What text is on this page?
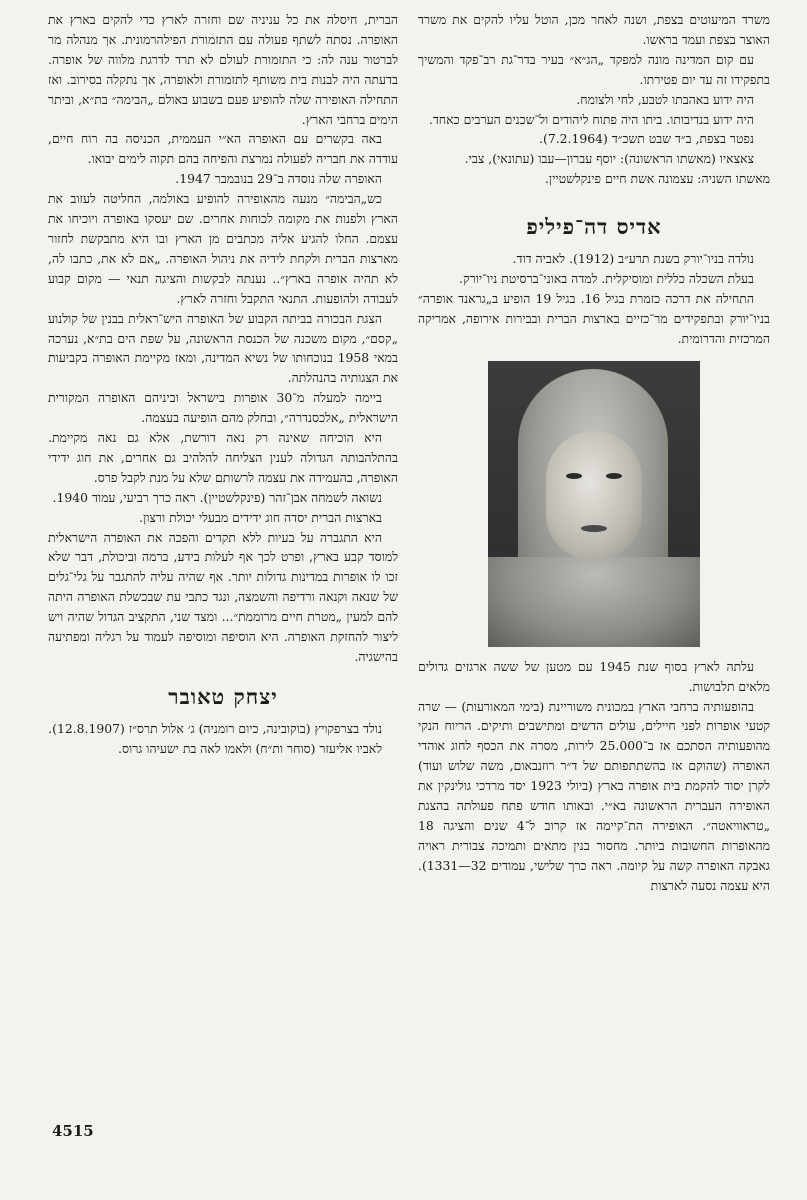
משרד המיעוטים בצפת, ושנה לאחר מכן, הוטל עליו להקים את משרד האוצר בצפת ועמד בראשו.

עם קום המדינה מונה למפקד „הג״א״ בעיר בדר־גת רב־פקד והמשיך בתפקידו זה עד יום פטירתו.

היה ידוע באהבתו לטבע, לחי ולצומח.

היה ידוע בנדיבותו. ביתו היה פתוח ליהודים ול־שכנים הערבים כאחד.

נפטר בצפת, ב״ד שבט תשכ״ד (7.2.1964).

צאצאיו (מאשתו הראשונה): יוסף עברון—עבו (עתונאי), צבי.

מאשתו השניה: עצמונה אשת חיים פינקלשטיין.

אדיס דה־פיליפ

נולדה בניו־יורק בשנת תרע״ב (1912). לאביה דוד.

בעלת השכלה כללית ומוסיקלית. למדה באוני־ברסיטת ניו־יורק.

התחילה את דרכה כזמרת בגיל 16. בגיל 19 הופיע ב„גראנד אופרה״ בניו־יורק ובתפקידים מר־כזיים בארצות הברית ובבירות אירופה, אמריקה המרכזית והדרומית.

עלתה לארץ בסוף שנת 1945 עם מטען של ששה ארגזים גדולים מלאים תלבושות.

בהופעותיה ברחבי הארץ במכונית משוריינת (בימי המאורעות) — שרה קטעי אופרות לפני חיילים, עולים הדשים ומתישבים ותיקים. הריוח הנקי מהופעותיה הסתכם אז ב־25.000 לירות, מסרה את הכסף לחוג אוהדי האופרה (שהוקם אז בהשתתפותם של ד״ר רוזנבאום, משה שלוש ועוד) לקרן יסוד להקמת בית אופרה בארץ (ביולי 1923 יסד מרדכי גולינקין את האופירה העברית הראשונה בא״י. ובאותו חודש פתח פעולתה בהצגת „טראוויאטה״. האופירה הת־קיימה אז קרוב ל־4 שנים והציגה 18 מהאופרות החשובות ביותר. מחסור בנין מתאים ותמיכה צבורית ראויה גאבקה האופרה קשה על קיומה. ראה כרך שלישי, עמודים 32—1331). היא עצמה נסעה לארצות

הברית, חיסלה את כל עניניה שם וחזרה לארץ כדי להקים בארץ את האופרה. נסתה לשתף פעולה עם התזמורת הפילהרמונית. אך מנהלה מר לברטור ענה לה: כי התזמורת לעולם לא תרד לדרגת מלווה של אופרה. בדעתה היה לבנות בית משותף לתזמורת ולאופרה, אך נתקלה בסירוב. ואז התחילה האופירה שלה להופיע פעם בשבוע באולם „הבימה״ בת״א, וביתר הימים ברחבי הארץ.

באה בקשרים עם האופרה הא״י העממית, הכניסה בה רוח חיים, עודדה את חבריה לפעולה נמרצת והפיחה בהם תקוה לימים יבואו.

האופרה שלה נוסדה ב־29 בנובמבר 1947.

כש„הבימה״ מנעה מהאופירה להופיע באולמה, החליטה לעזוב את הארץ ולפנות את מקומה לכוחות אחרים. שם יעסקו באופרה ויוכיחו את עצמם. החלו להגיע אליה מכתבים מן הארץ ובו היא מתבקשת לחזור מארצות הברית ולקחת לידיה את ניהול האופרה. „אם לא את, כתבו לה, לא תהיה אופרה בארץ״.. נענתה לבקשות והציגה תנאי — מקום קבוע לעבודה ולהופעות. התנאי התקבל וחזרה לארץ.

הצגת הבכורה בביתה הקבוע של האופרה היש־ראלית בבנין של קולנוע „קסם״, מקום משכנה של הכנסת הראשונה, על שפת הים בת״א, נערכה במאי 1958 בנוכחותו של נשיא המדינה, ומאז מקיימת האופרה בקביעות את הצגותיה בהנהלתה.

ביימה למעלה מ־30 אופרות בישראל וביניהם האופרה המקורית הישראלית „אלכסנדרה״, ובחלק מהם הופיעה בעצמה.

היא הוכיחה שאינה רק נאה דורשת, אלא גם נאה מקיימת. בהתלהבותה הגדולה לענין הצליחה להלהיב גם אחרים, את חוג ידידי האופרה, בהעמידה את עצמה לרשותם שלא על מנת לקבל פרס.

נשואה לשמחה אבן־זהר (פינקלשטיין). ראה כרך רביעי, עמוד 1940.

בארצות הברית יסדה חוג ידידים מבעלי יכולת ורצון.

היא התגברה על בעיות ללא תקדים והפכה את האופרה הישראלית למוסד קבע בארץ, ופרט לכך אף לעלות בידע, ברמה וביכולת, דבר שלא זכו לו אופרות במדינות גדולות יותר. אף שהיה עליה להתגבר על גלי־גלים של שנאה וקנאה ורדיפה והשמצה, ונגד כתבי עת שבכשלת האופרה היתה להם למעין „מטרת חיים מרוממת״... ומצד שני, התקציב הגדול שהיה ויש ליצור להחזקת האופרה. היא הוסיפה ומוסיפה לעמוד על רגליה ומפתיעה בהישגיה.

יצחק טאובר

נולד בצרפקויץ (בוקובינה, כיום רומניה) ג׳ אלול תרס״ז (12.8.1907).

לאביו אליעזר (סוחר ות״ח) ולאמו לאה בת ישעיהו גרוס.

4515
